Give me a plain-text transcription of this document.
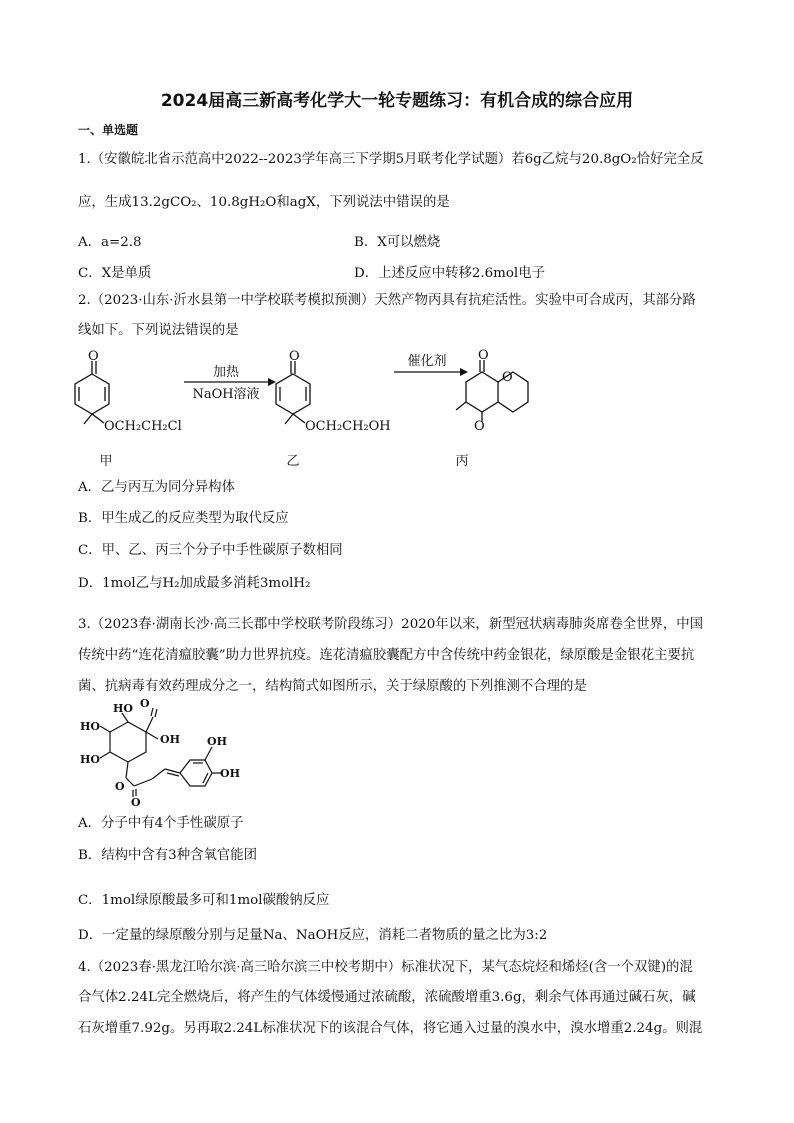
2024届高三新高考化学大一轮专题练习：有机合成的综合应用
一、单选题
1.（安徽皖北省示范高中2022--2023学年高三下学期5月联考化学试题）若6g乙烷与20.8gO₂恰好完全反
应，生成13.2gCO₂、10.8gH₂O和agX，下列说法中错误的是
A．a=2.8	B．X可以燃烧
C．X是单质	D．上述反应中转移2.6mol电子
2.（2023·山东·沂水县第一中学校联考模拟预测）天然产物丙具有抗疟活性。实验中可合成丙，其部分路
线如下。下列说法错误的是
O	O	O
O
O
OCH₂CH₂Cl	OCH₂CH₂OH
加热
NaOH溶液
催化剂
甲	乙	丙
A．乙与丙互为同分异构体
B．甲生成乙的反应类型为取代反应
C．甲、乙、丙三个分子中手性碳原子数相同
D．1mol乙与H₂加成最多消耗3molH₂
3.（2023春·湖南长沙·高三长郡中学校联考阶段练习）2020年以来，新型冠状病毒肺炎席卷全世界，中国
传统中药“连花清瘟胶囊”助力世界抗疫。连花清瘟胶囊配方中含传统中药金银花，绿原酸是金银花主要抗
菌、抗病毒有效药理成分之一，结构简式如图所示，关于绿原酸的下列推测不合理的是
HO O
OH
HO
HO
O
O
OH
OH
A．分子中有4个手性碳原子
B．结构中含有3种含氧官能团
C．1mol绿原酸最多可和1mol碳酸钠反应
D．一定量的绿原酸分别与足量Na、NaOH反应，消耗二者物质的量之比为3:2
4.（2023春·黑龙江哈尔滨·高三哈尔滨三中校考期中）标准状况下，某气态烷烃和烯烃(含一个双键)的混
合气体2.24L完全燃烧后，将产生的气体缓慢通过浓硫酸，浓硫酸增重3.6g，剩余气体再通过碱石灰，碱
石灰增重7.92g。另再取2.24L标准状况下的该混合气体，将它通入过量的溴水中，溴水增重2.24g。则混
